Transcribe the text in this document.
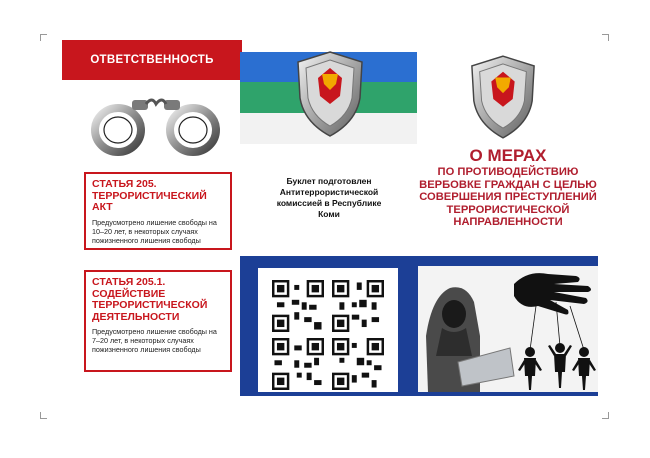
ОТВЕТСТВЕННОСТЬ
СТАТЬЯ 205. ТЕРРОРИСТИЧЕСКИЙ АКТ
Предусмотрено лишение свободы на 10–20 лет, в некоторых случаях пожизненного лишения свободы
СТАТЬЯ 205.1. СОДЕЙСТВИЕ ТЕРРОРИСТИЧЕСКОЙ ДЕЯТЕЛЬНОСТИ
Предусмотрено лишение свободы на 7–20 лет, в некоторых случаях пожизненного лишения свободы
Буклет подготовлен Антитеррористической комиссией в Республике Коми
О МЕРАХ
ПО ПРОТИВОДЕЙСТВИЮ ВЕРБОВКЕ ГРАЖДАН С ЦЕЛЬЮ СОВЕРШЕНИЯ ПРЕСТУПЛЕНИЙ ТЕРРОРИСТИЧЕСКОЙ НАПРАВЛЕННОСТИ
